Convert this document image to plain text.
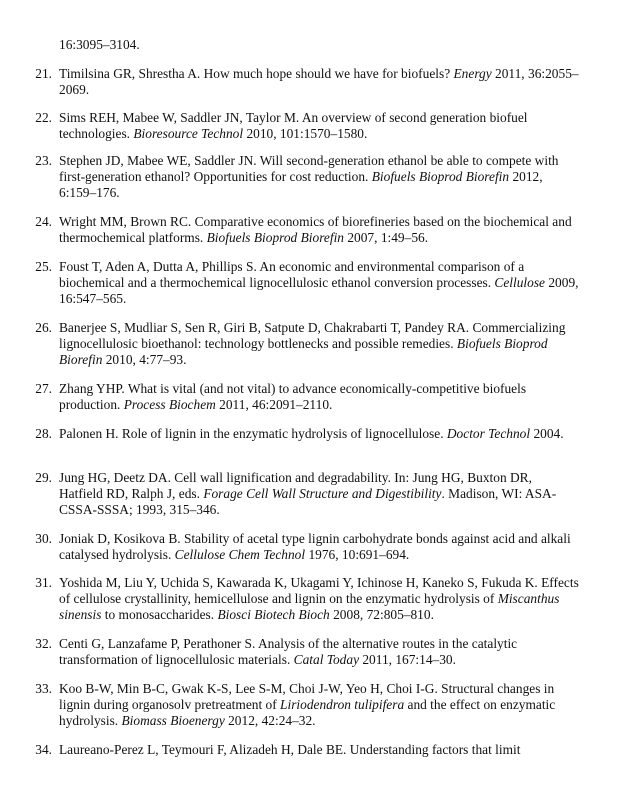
16:3095–3104.
21. Timilsina GR, Shrestha A. How much hope should we have for biofuels? Energy 2011, 36:2055–2069.
22. Sims REH, Mabee W, Saddler JN, Taylor M. An overview of second generation biofuel technologies. Bioresource Technol 2010, 101:1570–1580.
23. Stephen JD, Mabee WE, Saddler JN. Will second-generation ethanol be able to compete with first-generation ethanol? Opportunities for cost reduction. Biofuels Bioprod Biorefin 2012, 6:159–176.
24. Wright MM, Brown RC. Comparative economics of biorefineries based on the biochemical and thermochemical platforms. Biofuels Bioprod Biorefin 2007, 1:49–56.
25. Foust T, Aden A, Dutta A, Phillips S. An economic and environmental comparison of a biochemical and a thermochemical lignocellulosic ethanol conversion processes. Cellulose 2009, 16:547–565.
26. Banerjee S, Mudliar S, Sen R, Giri B, Satpute D, Chakrabarti T, Pandey RA. Commercializing lignocellulosic bioethanol: technology bottlenecks and possible remedies. Biofuels Bioprod Biorefin 2010, 4:77–93.
27. Zhang YHP. What is vital (and not vital) to advance economically-competitive biofuels production. Process Biochem 2011, 46:2091–2110.
28. Palonen H. Role of lignin in the enzymatic hydrolysis of lignocellulose. Doctor Technol 2004.
29. Jung HG, Deetz DA. Cell wall lignification and degradability. In: Jung HG, Buxton DR, Hatfield RD, Ralph J, eds. Forage Cell Wall Structure and Digestibility. Madison, WI: ASA-CSSA-SSSA; 1993, 315–346.
30. Joniak D, Kosikova B. Stability of acetal type lignin carbohydrate bonds against acid and alkali catalysed hydrolysis. Cellulose Chem Technol 1976, 10:691–694.
31. Yoshida M, Liu Y, Uchida S, Kawarada K, Ukagami Y, Ichinose H, Kaneko S, Fukuda K. Effects of cellulose crystallinity, hemicellulose and lignin on the enzymatic hydrolysis of Miscanthus sinensis to monosaccharides. Biosci Biotech Bioch 2008, 72:805–810.
32. Centi G, Lanzafame P, Perathoner S. Analysis of the alternative routes in the catalytic transformation of lignocellulosic materials. Catal Today 2011, 167:14–30.
33. Koo B-W, Min B-C, Gwak K-S, Lee S-M, Choi J-W, Yeo H, Choi I-G. Structural changes in lignin during organosolv pretreatment of Liriodendron tulipifera and the effect on enzymatic hydrolysis. Biomass Bioenergy 2012, 42:24–32.
34. Laureano-Perez L, Teymouri F, Alizadeh H, Dale BE. Understanding factors that limit
